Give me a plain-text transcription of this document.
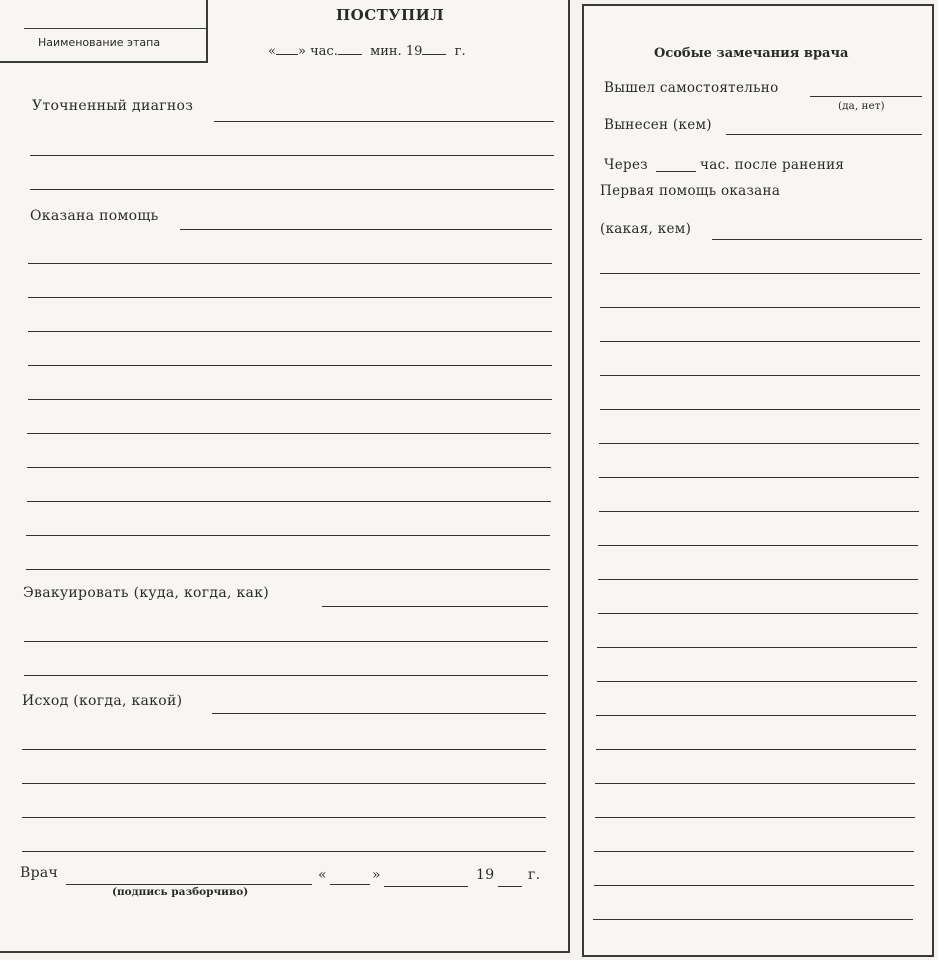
Наименование этапа
ПОСТУПИЛ
« » час. мин. 19 г.
Уточненный диагноз
Оказана помощь
Эвакуировать (куда, когда, как)
Исход (когда, какой)
Врач
(подпись разборчиво)
«	»	19 г.
Особые замечания врача
Вышел самостоятельно
(да, нет)
Вынесен (кем)
Через	час. после ранения
Первая помощь оказана
(какая, кем)
